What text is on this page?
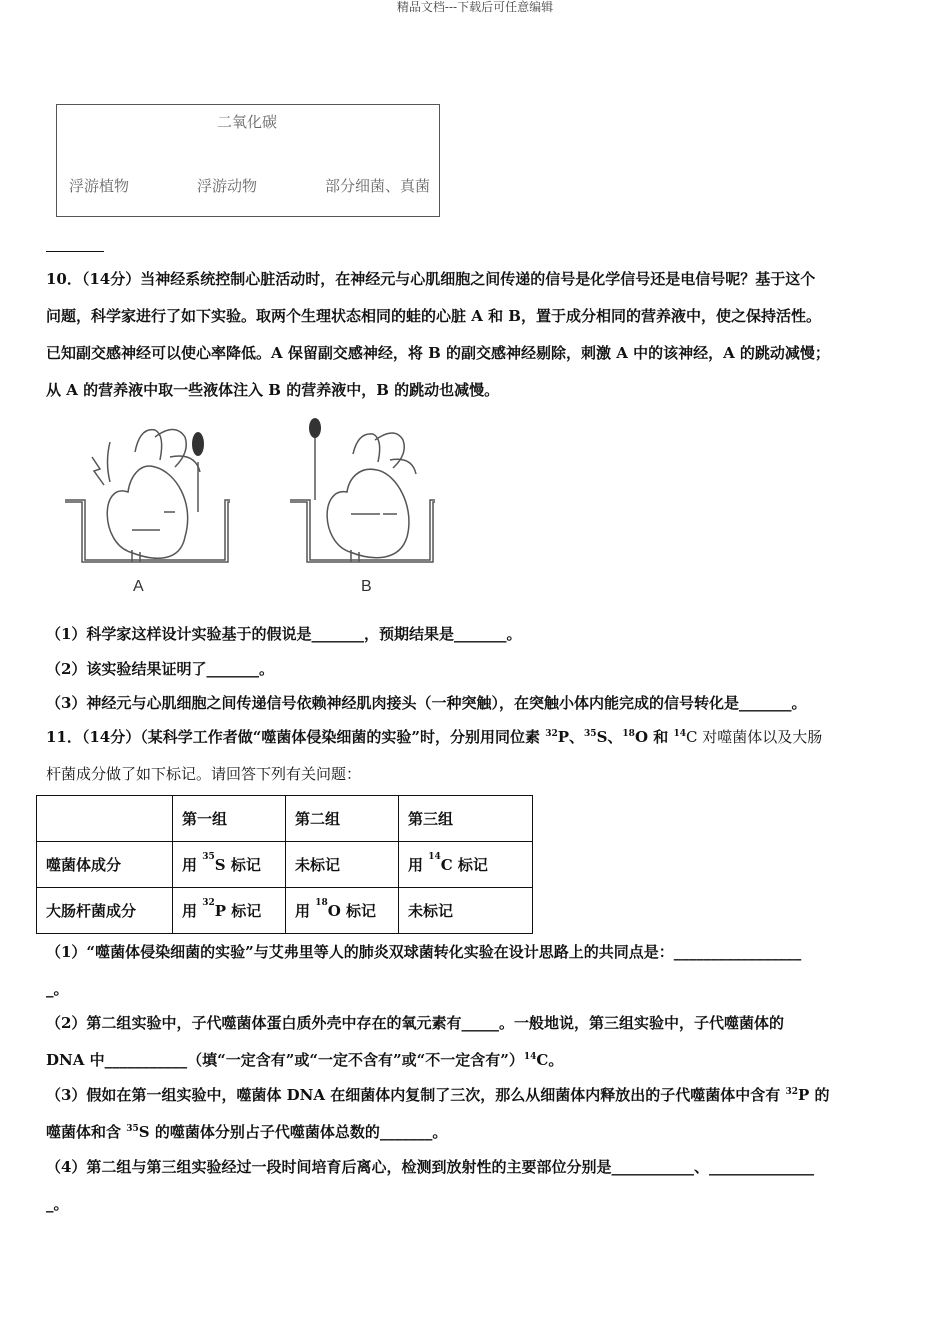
精品文档---下载后可任意编辑
二氧化碳
浮游植物	浮游动物	部分细菌、真菌
10．（14分）当神经系统控制心脏活动时，在神经元与心肌细胞之间传递的信号是化学信号还是电信号呢？基于这个
问题，科学家进行了如下实验。取两个生理状态相同的蛙的心脏 A 和 B，置于成分相同的营养液中，使之保持活性。
已知副交感神经可以使心率降低。A 保留副交感神经，将 B 的副交感神经剔除，刺激 A 中的该神经，A 的跳动减慢；
从 A 的营养液中取一些液体注入 B 的营养液中，B 的跳动也减慢。
A	B
（1）科学家这样设计实验基于的假说是_______，预期结果是_______。
（2）该实验结果证明了_______。
（3）神经元与心肌细胞之间传递信号依赖神经肌肉接头（一种突触），在突触小体内能完成的信号转化是_______。
11．（14分）（某科学工作者做“噬菌体侵染细菌的实验”时，分别用同位素 $^{32}$P、$^{35}$S、$^{18}$O 和 $^{14}$C 对噬菌体以及大肠
杆菌成分做了如下标记。请回答下列有关问题：
	第一组	第二组	第三组
噬菌体成分	用 $^{35}$S 标记	未标记	用 $^{14}$C 标记
大肠杆菌成分	用 $^{32}$P 标记	用 $^{18}$O 标记	未标记
（1）“噬菌体侵染细菌的实验”与艾弗里等人的肺炎双球菌转化实验在设计思路上的共同点是：_________________
_。
（2）第二组实验中，子代噬菌体蛋白质外壳中存在的氧元素有_____。一般地说，第三组实验中，子代噬菌体的
DNA 中___________（填“一定含有”或“一定不含有”或“不一定含有”）$^{14}$C。
（3）假如在第一组实验中，噬菌体 DNA 在细菌体内复制了三次，那么从细菌体内释放出的子代噬菌体中含有 $^{32}$P 的
噬菌体和含 $^{35}$S 的噬菌体分别占子代噬菌体总数的_______。
（4）第二组与第三组实验经过一段时间培育后离心，检测到放射性的主要部位分别是___________、______________
_。
